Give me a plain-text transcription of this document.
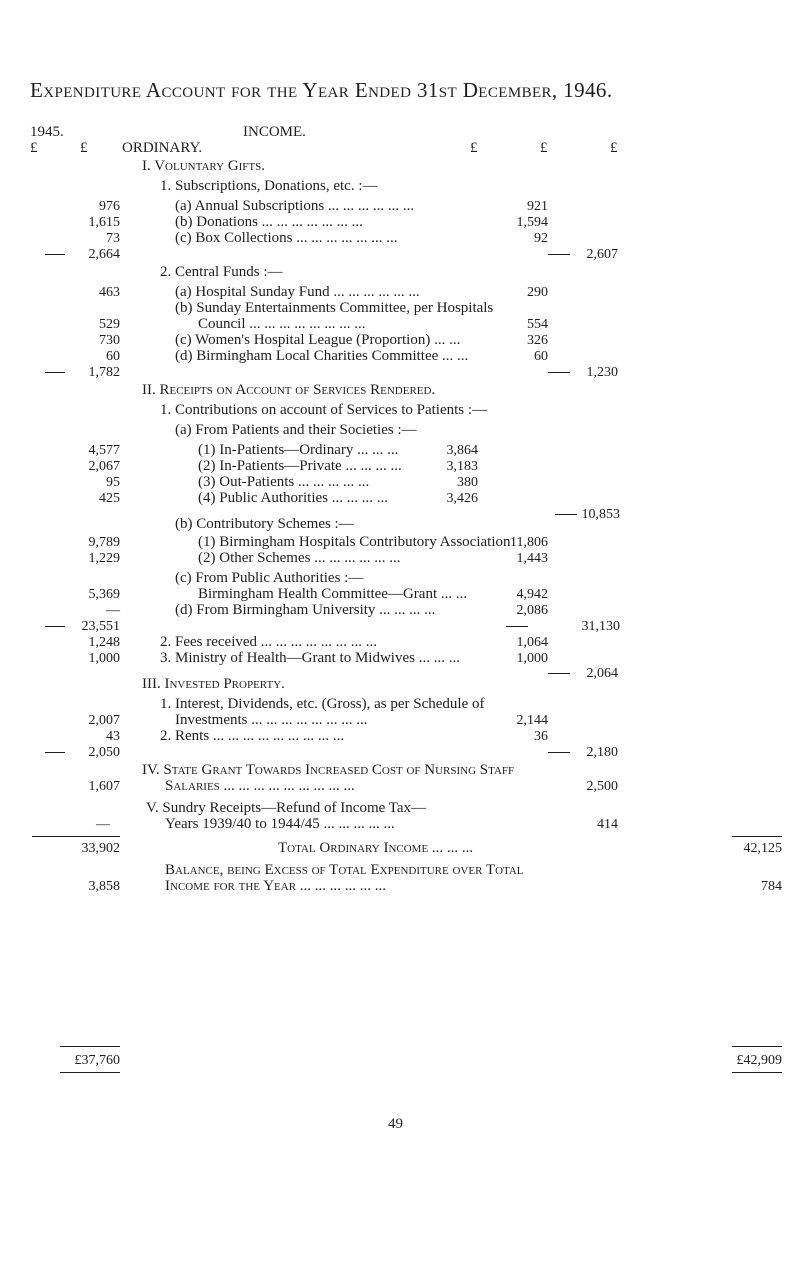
Expenditure Account for the Year Ended 31st December, 1946.
1945.	INCOME.
£	£ ORDINARY.	£	£	£
I. Voluntary Gifts.
1. Subscriptions, Donations, etc. :—
976	(a) Annual Subscriptions ... ... ... ... ... ...	921
1,615	(b) Donations ... ... ... ... ... ... ...	1,594
73	(c) Box Collections ... ... ... ... ... ... ...	92
2,664	2,607
2. Central Funds :—
463	(a) Hospital Sunday Fund ... ... ... ... ... ...	290
(b) Sunday Entertainments Committee, per Hospitals
529	Council ... ... ... ... ... ... ... ...	554
730	(c) Women's Hospital League (Proportion) ... ...	326
60	(d) Birmingham Local Charities Committee ... ...	60
1,782	1,230
II. Receipts on Account of Services Rendered.
1. Contributions on account of Services to Patients :—
(a) From Patients and their Societies :—
4,577	(1) In-Patients—Ordinary ... ... ...	3,864
2,067	(2) In-Patients—Private ... ... ... ...	3,183
95	(3) Out-Patients ... ... ... ... ...	380
425	(4) Public Authorities ... ... ... ...	3,426
10,853
(b) Contributory Schemes :—
9,789	(1) Birmingham Hospitals Contributory Association 11,806
1,229	(2) Other Schemes ... ... ... ... ... ...	1,443
(c) From Public Authorities :—
5,369	Birmingham Health Committee—Grant ... ...	4,942
—	(d) From Birmingham University ... ... ... ...	2,086
23,551	31,130
1,248	2. Fees received ... ... ... ... ... ... ... ...	1,064
1,000	3. Ministry of Health—Grant to Midwives ... ... ...	1,000
2,064
III. Invested Property.
1. Interest, Dividends, etc. (Gross), as per Schedule of
2,007	Investments ... ... ... ... ... ... ... ...	2,144
43	2. Rents ... ... ... ... ... ... ... ... ...	36
2,050	2,180
IV. State Grant Towards Increased Cost of Nursing Staff
1,607	Salaries ... ... ... ... ... ... ... ... ...	2,500
V. Sundry Receipts—Refund of Income Tax—
—	Years 1939/40 to 1944/45 ... ... ... ... ...	414
33,902	Total Ordinary Income ... ... ...	42,125
Balance, being Excess of Total Expenditure over Total
3,858	Income for the Year ... ... ... ... ... ...	784
£37,760	£42,909
49
